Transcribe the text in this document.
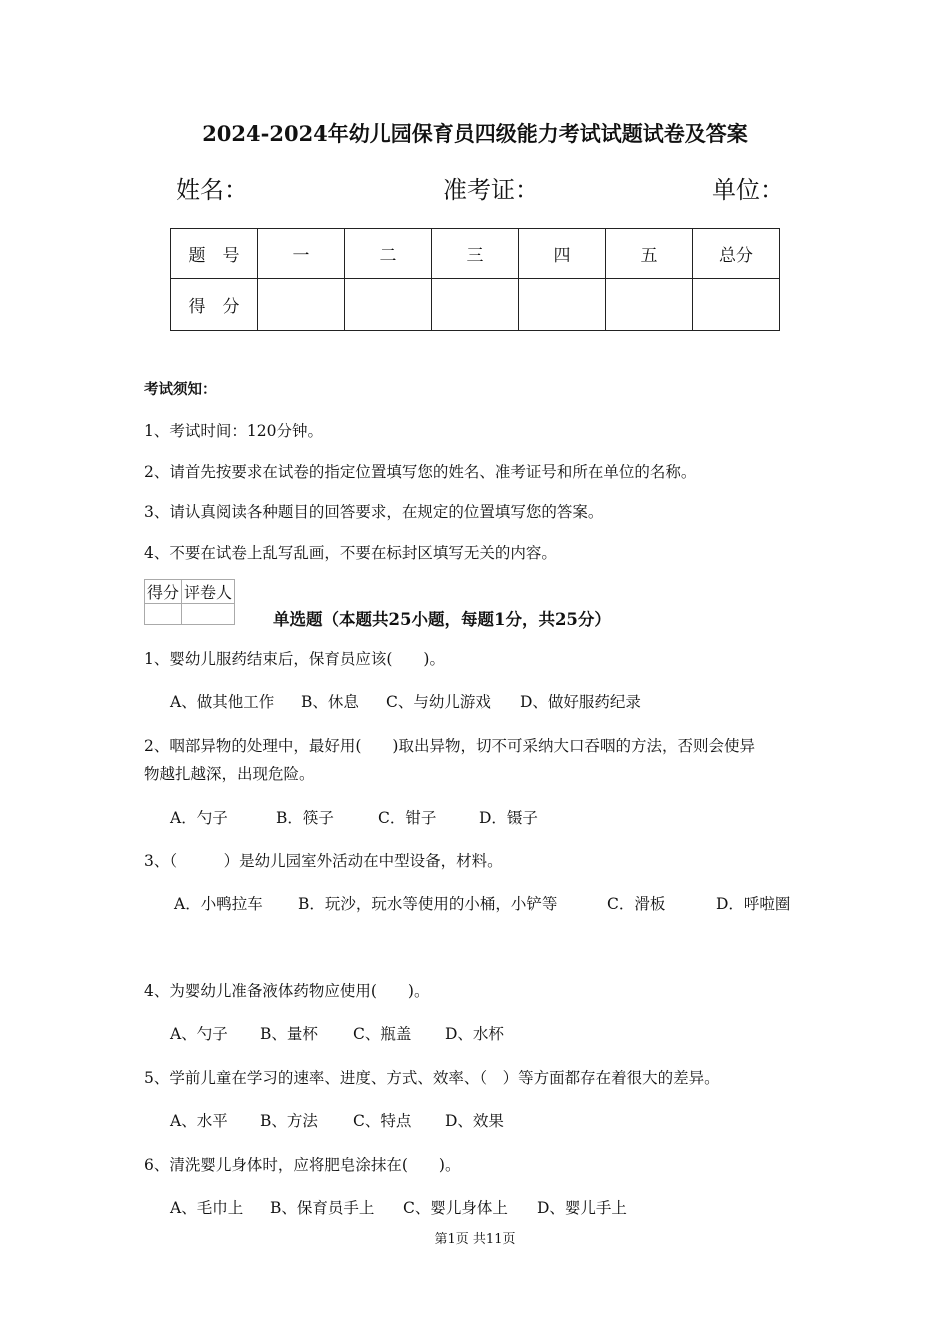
2024-2024年幼儿园保育员四级能力考试试题试卷及答案
姓名：	准考证：	单位：
题　号	一	二	三	四	五	总分
得　分						
考试须知：
1、考试时间：120分钟。
2、请首先按要求在试卷的指定位置填写您的姓名、准考证号和所在单位的名称。
3、请认真阅读各种题目的回答要求，在规定的位置填写您的答案。
4、不要在试卷上乱写乱画，不要在标封区填写无关的内容。
得分	评卷人

单选题（本题共25小题，每题1分，共25分）
1、婴幼儿服药结束后，保育员应该(　　)。
A、做其他工作 B、休息 C、与幼儿游戏 D、做好服药纪录
2、咽部异物的处理中，最好用(　　)取出异物，切不可采纳大口吞咽的方法，否则会使异
物越扎越深，出现危险。
A．勺子	B．筷子	C．钳子	D．镊子
3、（　　　）是幼儿园室外活动在中型设备，材料。
A．小鸭拉车 B．玩沙，玩水等使用的小桶，小铲等	C．滑板	D．呼啦圈
4、为婴幼儿准备液体药物应使用(　　)。
A、勺子 B、量杯 C、瓶盖 D、水杯
5、学前儿童在学习的速率、进度、方式、效率、（　）等方面都存在着很大的差异。
A、水平 B、方法 C、特点 D、效果
6、清洗婴儿身体时，应将肥皂涂抹在(　　)。
A、毛巾上 B、保育员手上 C、婴儿身体上 D、婴儿手上
第1页 共11页
